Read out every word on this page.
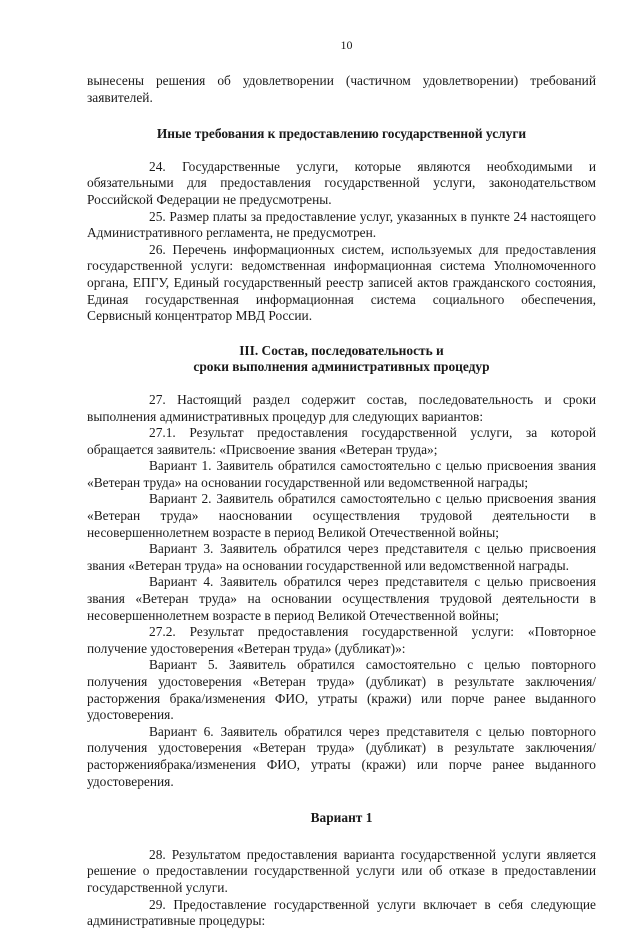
10

вынесены решения об удовлетворении (частичном удовлетворении) требований заявителей.

Иные требования к предоставлению государственной услуги

24. Государственные услуги, которые являются необходимыми и обязательными для предоставления государственной услуги, законодательством Российской Федерации не предусмотрены.

25. Размер платы за предоставление услуг, указанных в пункте 24 настоящего Административного регламента, не предусмотрен.

26. Перечень информационных систем, используемых для предоставления государственной услуги: ведомственная информационная система Уполномоченного органа, ЕПГУ, Единый государственный реестр записей актов гражданского состояния, Единая государственная информационная система социального обеспечения, Сервисный концентратор МВД России.

III. Состав, последовательность и
сроки выполнения административных процедур

27. Настоящий раздел содержит состав, последовательность и сроки выполнения административных процедур для следующих вариантов:

27.1. Результат предоставления государственной услуги, за которой обращается заявитель: «Присвоение звания «Ветеран труда»;

Вариант 1. Заявитель обратился самостоятельно с целью присвоения звания «Ветеран труда» на основании государственной или ведомственной награды;

Вариант 2. Заявитель обратился самостоятельно с целью присвоения звания «Ветеран труда» наосновании осуществления трудовой деятельности в несовершеннолетнем возрасте в период Великой Отечественной войны;

Вариант 3. Заявитель обратился через представителя с целью присвоения звания «Ветеран труда» на основании государственной или ведомственной награды.

Вариант 4. Заявитель обратился через представителя с целью присвоения звания «Ветеран труда» на основании осуществления трудовой деятельности в несовершеннолетнем возрасте в период Великой Отечественной войны;

27.2. Результат предоставления государственной услуги: «Повторное получение удостоверения «Ветеран труда» (дубликат)»:

Вариант 5. Заявитель обратился самостоятельно с целью повторного получения удостоверения «Ветеран труда» (дубликат) в результате заключения/расторжения брака/изменения ФИО, утраты (кражи) или порче ранее выданного удостоверения.

Вариант 6. Заявитель обратился через представителя с целью повторного получения удостоверения «Ветеран труда» (дубликат) в результате заключения/расторжениябрака/изменения ФИО, утраты (кражи) или порче ранее выданного удостоверения.

Вариант 1

28. Результатом предоставления варианта государственной услуги является решение о предоставлении государственной услуги или об отказе в предоставлении государственной услуги.

29. Предоставление государственной услуги включает в себя следующие административные процедуры:
